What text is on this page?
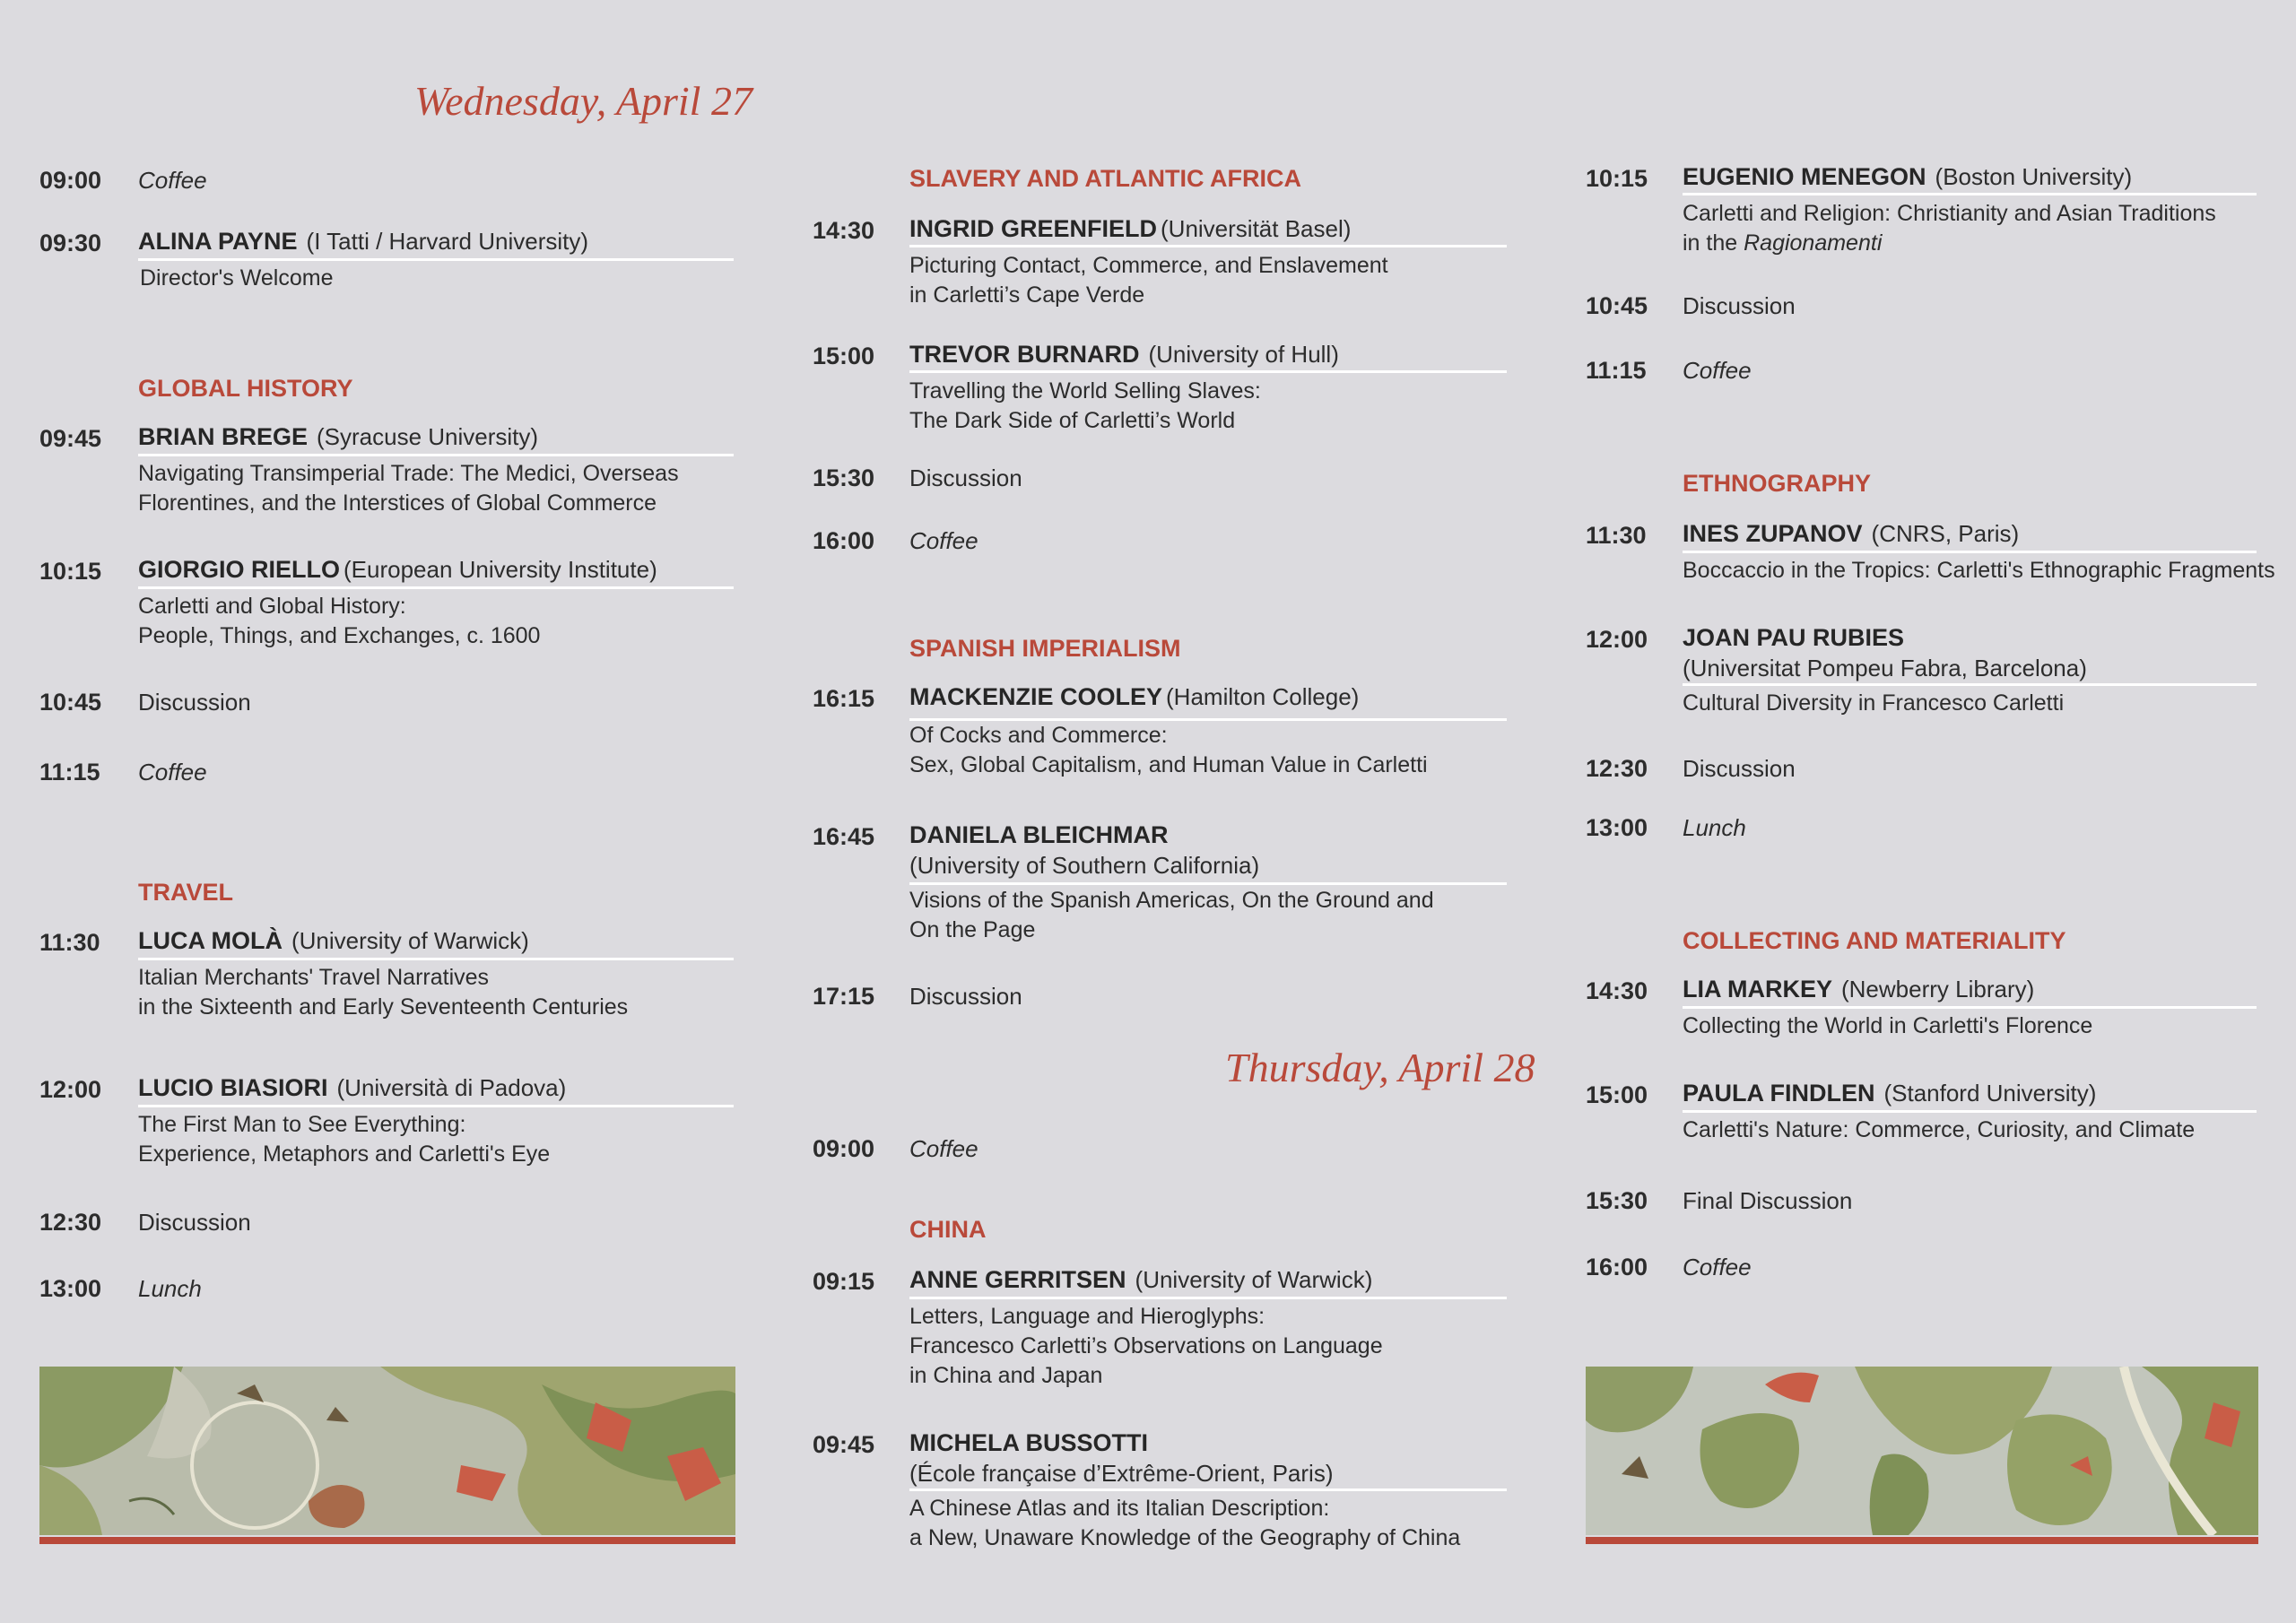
Wednesday, April 27
09:00 Coffee
09:30 ALINA PAYNE (I Tatti / Harvard University)
Director's Welcome
GLOBAL HISTORY
09:45 BRIAN BREGE (Syracuse University)
Navigating Transimperial Trade: The Medici, Overseas
Florentines, and the Interstices of Global Commerce
10:15 GIORGIO RIELLO (European University Institute)
Carletti and Global History:
People, Things, and Exchanges, c. 1600
10:45 Discussion
11:15 Coffee
TRAVEL
11:30 LUCA MOLÀ (University of Warwick)
Italian Merchants' Travel Narratives
in the Sixteenth and Early Seventeenth Centuries
12:00 LUCIO BIASIORI (Università di Padova)
The First Man to See Everything:
Experience, Metaphors and Carletti's Eye
12:30 Discussion
13:00 Lunch
SLAVERY AND ATLANTIC AFRICA
14:30 INGRID GREENFIELD (Universität Basel)
Picturing Contact, Commerce, and Enslavement
in Carletti’s Cape Verde
15:00 TREVOR BURNARD (University of Hull)
Travelling the World Selling Slaves:
The Dark Side of Carletti’s World
15:30 Discussion
16:00 Coffee
SPANISH IMPERIALISM
16:15 MACKENZIE COOLEY (Hamilton College)
Of Cocks and Commerce:
Sex, Global Capitalism, and Human Value in Carletti
16:45 DANIELA BLEICHMAR
(University of Southern California)
Visions of the Spanish Americas, On the Ground and
On the Page
17:15 Discussion
Thursday, April 28
09:00 Coffee
CHINA
09:15 ANNE GERRITSEN (University of Warwick)
Letters, Language and Hieroglyphs:
Francesco Carletti’s Observations on Language
in China and Japan
09:45 MICHELA BUSSOTTI
(École française d’Extrême-Orient, Paris)
A Chinese Atlas and its Italian Description:
a New, Unaware Knowledge of the Geography of China
10:15 EUGENIO MENEGON (Boston University)
Carletti and Religion: Christianity and Asian Traditions
in the Ragionamenti
10:45 Discussion
11:15 Coffee
ETHNOGRAPHY
11:30 INES ZUPANOV (CNRS, Paris)
Boccaccio in the Tropics: Carletti's Ethnographic Fragments
12:00 JOAN PAU RUBIES
(Universitat Pompeu Fabra, Barcelona)
Cultural Diversity in Francesco Carletti
12:30 Discussion
13:00 Lunch
COLLECTING AND MATERIALITY
14:30 LIA MARKEY (Newberry Library)
Collecting the World in Carletti's Florence
15:00 PAULA FINDLEN (Stanford University)
Carletti's Nature: Commerce, Curiosity, and Climate
15:30 Final Discussion
16:00 Coffee
